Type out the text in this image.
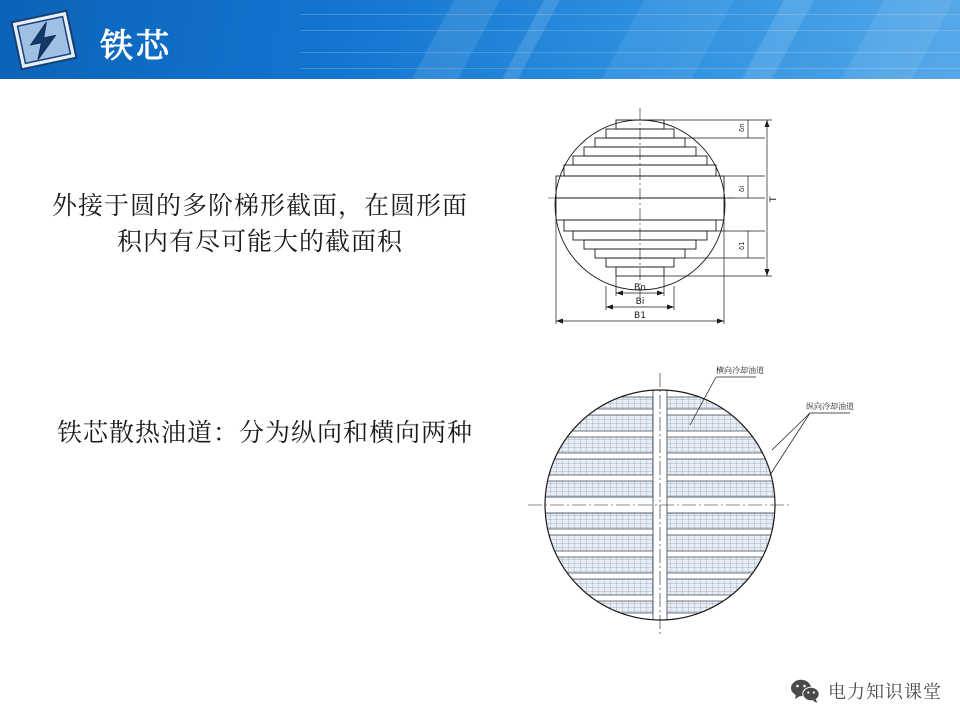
铁芯
外接于圆的多阶梯形截面，在圆形面积内有尽可能大的截面积
铁芯散热油道：分为纵向和横向两种
δn
δi
δ1
T
Bn
Bi
B1
横向冷却油道
纵向冷却油道
电力知识课堂
